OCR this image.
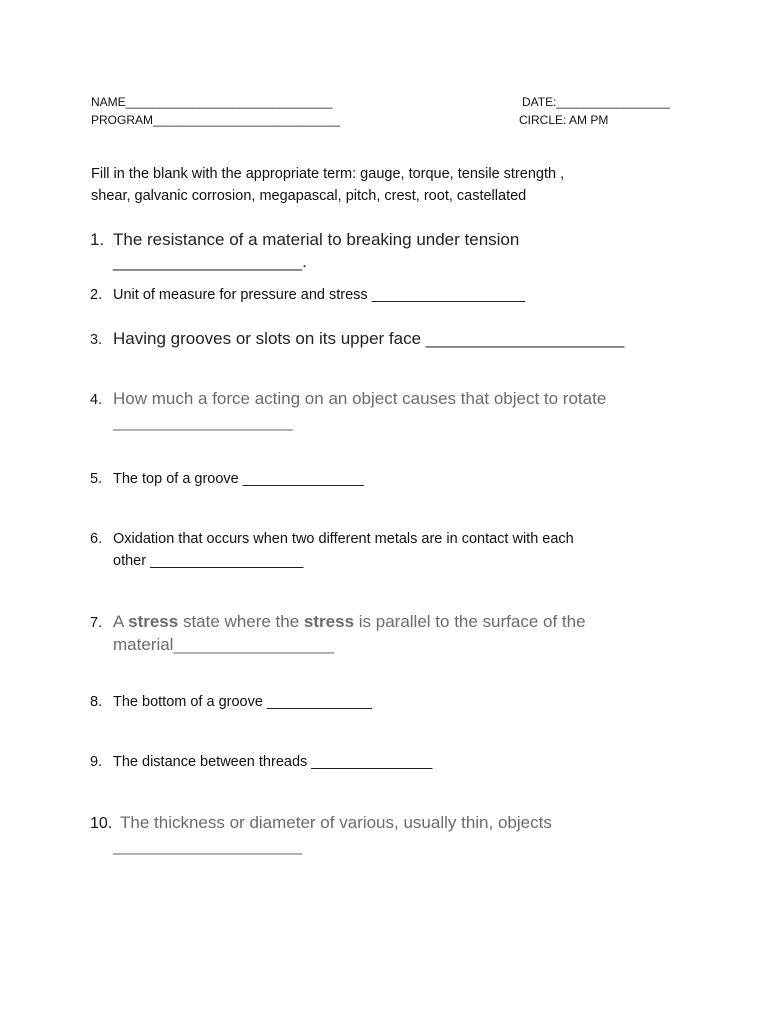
NAME_______________________________	DATE:_________________
PROGRAM____________________________	CIRCLE: AM PM
Fill in the blank with the appropriate term: gauge, torque, tensile strength ,
shear, galvanic corrosion, megapascal, pitch, crest, root, castellated
1. The resistance of a material to breaking under tension
____________________.
2. Unit of measure for pressure and stress ___________________
3. Having grooves or slots on its upper face _____________________
4. How much a force acting on an object causes that object to rotate
___________________
5. The top of a groove _______________
6. Oxidation that occurs when two different metals are in contact with each
other ___________________
7. A stress state where the stress is parallel to the surface of the
material_________________
8. The bottom of a groove _____________
9. The distance between threads _______________
10. The thickness or diameter of various, usually thin, objects
____________________
